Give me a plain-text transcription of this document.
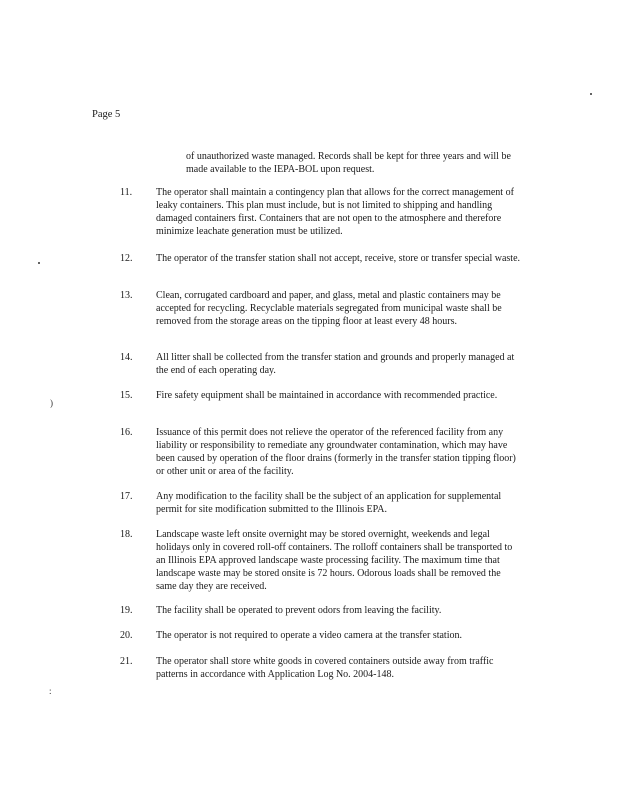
Page 5
of unauthorized waste managed. Records shall be kept for three years and will be made available to the IEPA-BOL upon request.
11.	The operator shall maintain a contingency plan that allows for the correct management of leaky containers. This plan must include, but is not limited to shipping and handling damaged containers first. Containers that are not open to the atmosphere and therefore minimize leachate generation must be utilized.
12.	The operator of the transfer station shall not accept, receive, store or transfer special waste.
13.	Clean, corrugated cardboard and paper, and glass, metal and plastic containers may be accepted for recycling. Recyclable materials segregated from municipal waste shall be removed from the storage areas on the tipping floor at least every 48 hours.
14.	All litter shall be collected from the transfer station and grounds and properly managed at the end of each operating day.
15.	Fire safety equipment shall be maintained in accordance with recommended practice.
16.	Issuance of this permit does not relieve the operator of the referenced facility from any liability or responsibility to remediate any groundwater contamination, which may have been caused by operation of the floor drains (formerly in the transfer station tipping floor) or other unit or area of the facility.
17.	Any modification to the facility shall be the subject of an application for supplemental permit for site modification submitted to the Illinois EPA.
18.	Landscape waste left onsite overnight may be stored overnight, weekends and legal holidays only in covered roll-off containers. The rolloff containers shall be transported to an Illinois EPA approved landscape waste processing facility. The maximum time that landscape waste may be stored onsite is 72 hours. Odorous loads shall be removed the same day they are received.
19.	The facility shall be operated to prevent odors from leaving the facility.
20.	The operator is not required to operate a video camera at the transfer station.
21.	The operator shall store white goods in covered containers outside away from traffic patterns in accordance with Application Log No. 2004-148.
)
:
